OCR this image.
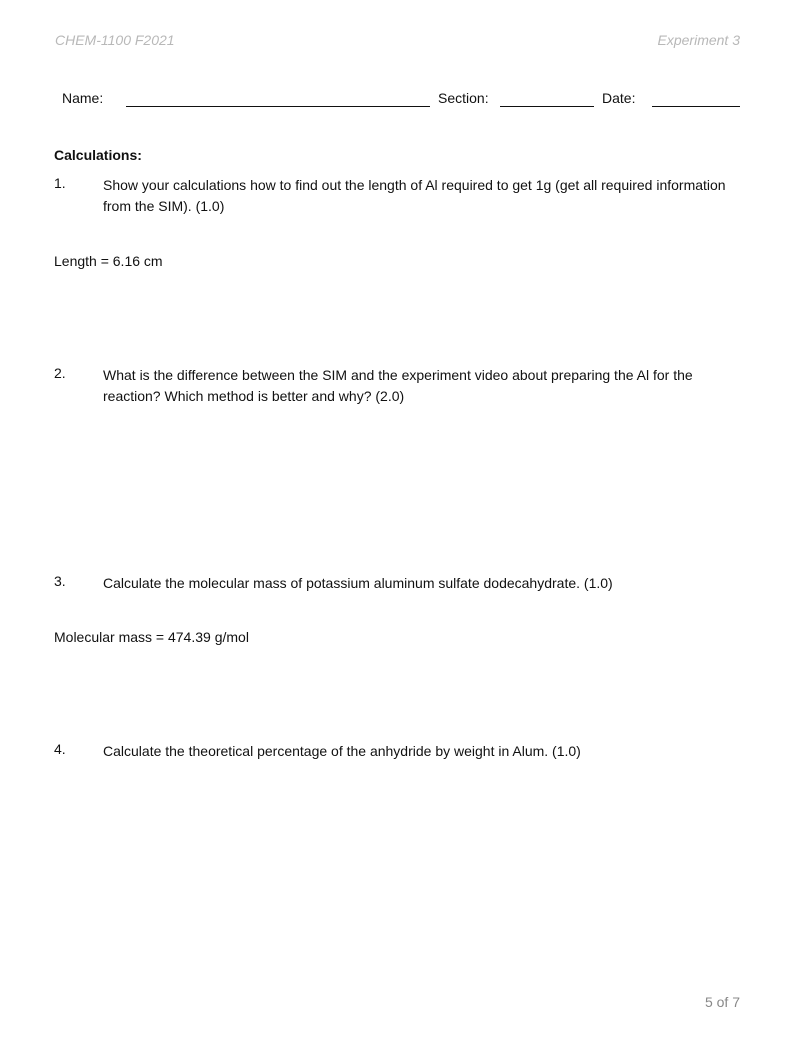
CHEM-1100 F2021	Experiment 3
Name:	Section:	Date:
Calculations:
1.	Show your calculations how to find out the length of Al required to get 1g (get all required information from the SIM). (1.0)
Length = 6.16 cm
2.	What is the difference between the SIM and the experiment video about preparing the Al for the reaction? Which method is better and why? (2.0)
3.	Calculate the molecular mass of potassium aluminum sulfate dodecahydrate. (1.0)
Molecular mass = 474.39 g/mol
4.	Calculate the theoretical percentage of the anhydride by weight in Alum. (1.0)
5 of 7
